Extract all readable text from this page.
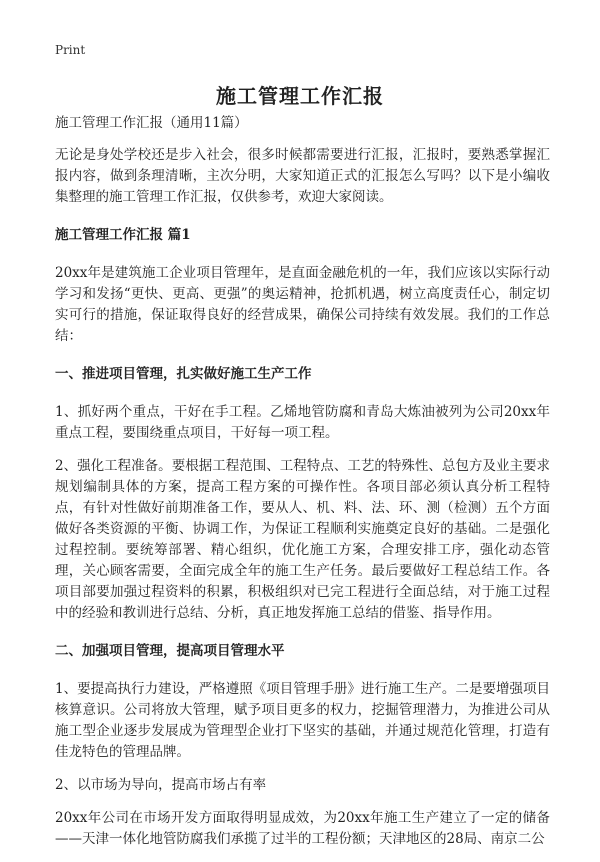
Print
施工管理工作汇报

施工管理工作汇报（通用11篇）

无论是身处学校还是步入社会，很多时候都需要进行汇报，汇报时，要熟悉掌握汇报内容，做到条理清晰，主次分明，大家知道正式的汇报怎么写吗？以下是小编收集整理的施工管理工作汇报，仅供参考，欢迎大家阅读。

施工管理工作汇报 篇1

20xx年是建筑施工企业项目管理年，是直面金融危机的一年，我们应该以实际行动学习和发扬“更快、更高、更强”的奥运精神，抢抓机遇，树立高度责任心，制定切实可行的措施，保证取得良好的经营成果，确保公司持续有效发展。我们的工作总结：

一、推进项目管理，扎实做好施工生产工作

1、抓好两个重点，干好在手工程。乙烯地管防腐和青岛大炼油被列为公司20xx年重点工程，要围绕重点项目，干好每一项工程。

2、强化工程准备。要根据工程范围、工程特点、工艺的特殊性、总包方及业主要求规划编制具体的方案，提高工程方案的可操作性。各项目部必须认真分析工程特点，有针对性做好前期准备工作，要从人、机、料、法、环、测（检测）五个方面做好各类资源的平衡、协调工作，为保证工程顺利实施奠定良好的基础。二是强化过程控制。要统筹部署、精心组织，优化施工方案，合理安排工序，强化动态管理，关心顾客需要，全面完成全年的施工生产任务。最后要做好工程总结工作。各项目部要加强过程资料的积累，积极组织对已完工程进行全面总结，对于施工过程中的经验和教训进行总结、分析，真正地发挥施工总结的借鉴、指导作用。

二、加强项目管理，提高项目管理水平

1、要提高执行力建设，严格遵照《项目管理手册》进行施工生产。二是要增强项目核算意识。公司将放大管理，赋予项目更多的权力，挖掘管理潜力，为推进公司从施工型企业逐步发展成为管理型企业打下坚实的基础，并通过规范化管理，打造有佳龙特色的管理品牌。

2、以市场为导向，提高市场占有率

20xx年公司在市场开发方面取得明显成效，为20xx年施工生产建立了一定的储备——天津一体化地管防腐我们承揽了过半的工程份额；天津地区的28局、南京二公
